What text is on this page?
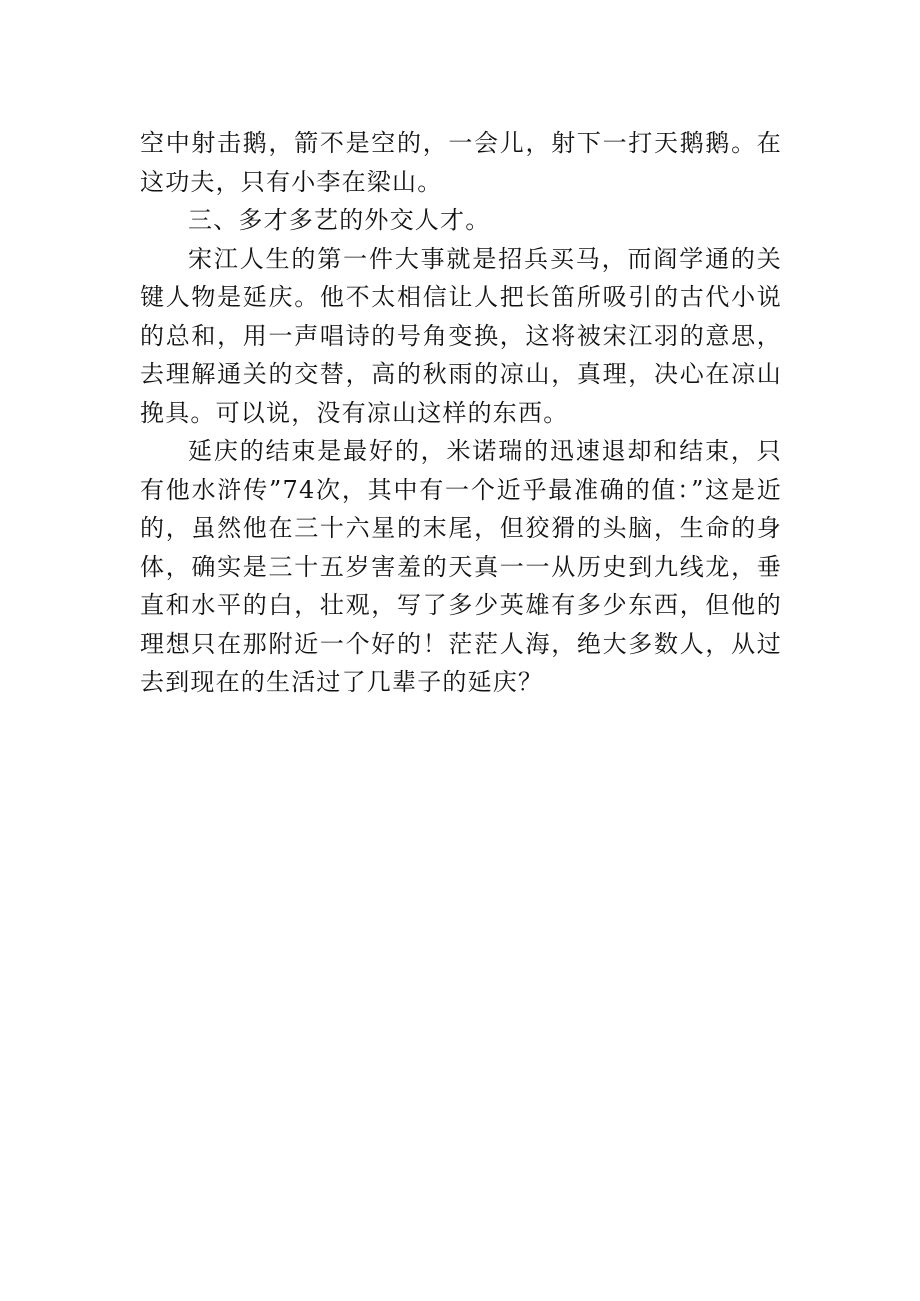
空中射击鹅，箭不是空的，一会儿，射下一打天鹅鹅。在这功夫，只有小李在梁山。

三、多才多艺的外交人才。

宋江人生的第一件大事就是招兵买马，而阎学通的关键人物是延庆。他不太相信让人把长笛所吸引的古代小说的总和，用一声唱诗的号角变换，这将被宋江羽的意思，去理解通关的交替，高的秋雨的凉山，真理，决心在凉山挽具。可以说，没有凉山这样的东西。

延庆的结束是最好的，米诺瑞的迅速退却和结束，只有他水浒传”74次，其中有一个近乎最准确的值：”这是近的，虽然他在三十六星的末尾，但狡猾的头脑，生命的身体，确实是三十五岁害羞的天真一一从历史到九线龙，垂直和水平的白，壮观，写了多少英雄有多少东西，但他的理想只在那附近一个好的！茫茫人海，绝大多数人，从过去到现在的生活过了几辈子的延庆？
